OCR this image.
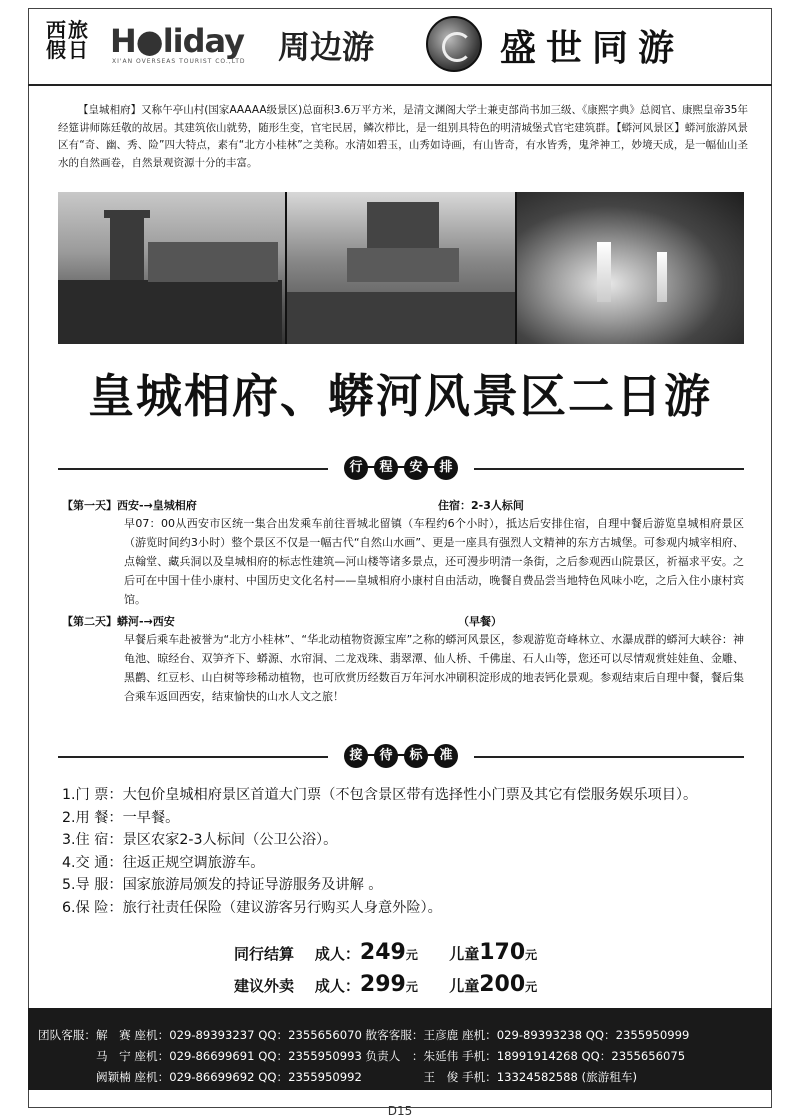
西旅假日 H●liday
XI'AN OVERSEAS TOURIST CO.,LTD 周边游	盛世同游
【皇城相府】又称午亭山村(国家AAAAA级景区)总面积3.6万平方米，是清文渊阁大学士兼吏部尚书加三级、《康熙字典》总阅官、康熙皇帝35年经筵讲师陈廷敬的故居。其建筑依山就势，随形生变，官宅民居，鳞次栉比，是一组别具特色的明清城堡式官宅建筑群。【蟒河风景区】蟒河旅游风景区有“奇、幽、秀、险”四大特点，素有“北方小桂林”之美称。水清如碧玉，山秀如诗画，有山皆奇，有水皆秀，鬼斧神工，妙境天成，是一幅仙山圣水的自然画卷，自然景观资源十分的丰富。
皇城相府、蟒河风景区二日游
行 程 安 排
【第一天】西安-→皇城相府	住宿：2-3人标间
早07：00从西安市区统一集合出发乘车前往晋城北留镇（车程约6个小时），抵达后安排住宿，自理中餐后游览皇城相府景区（游览时间约3小时）整个景区不仅是一幅古代“自然山水画”、更是一座具有强烈人文精神的东方古城堡。可参观内城宰相府、点翰堂、藏兵洞以及皇城相府的标志性建筑—河山楼等诸多景点，还可漫步明清一条街，之后参观西山院景区，祈福求平安。之后可在中国十佳小康村、中国历史文化名村——皇城相府小康村自由活动，晚餐自费品尝当地特色风味小吃，之后入住小康村宾馆。
【第二天】蟒河-→西安	（早餐）
早餐后乘车赴被誉为“北方小桂林”、“华北动植物资源宝库”之称的蟒河风景区，参观游览奇峰林立、水瀑成群的蟒河大峡谷：神龟池、晾经台、双笋齐下、蟒源、水帘洞、二龙戏珠、翡翠潭、仙人桥、千佛崖、石人山等，您还可以尽情观赏娃娃鱼、金雕、黑鹳、红豆杉、山白树等珍稀动植物，也可欣赏历经数百万年河水冲刷积淀形成的地表钙化景观。参观结束后自理中餐，餐后集合乘车返回西安，结束愉快的山水人文之旅！
接 待 标 准
1.门 票：大包价皇城相府景区首道大门票（不包含景区带有选择性小门票及其它有偿服务娱乐项目）。
2.用 餐：一早餐。
3.住 宿：景区农家2-3人标间（公卫公浴）。
4.交 通：往返正规空调旅游车。
5.导 服：国家旅游局颁发的持证导游服务及讲解 。
6.保 险：旅行社责任保险（建议游客另行购买人身意外险）。
同行结算 成人：249元 儿童170元
建议外卖 成人：299元 儿童200元
团队客服：解　赛 座机：029-89393237 QQ：2355656070 散客客服：王彦鹿 座机：029-89393238 QQ：2355950999
　　　　　马　宁 座机：029-86699691 QQ：2355950993 负责人　：朱延伟 手机：18991914268 QQ：2355656075
　　　　　阙颖楠 座机：029-86699692 QQ：2355950992 　　　　　王　俊 手机：13324582588 (旅游租车)
D15
